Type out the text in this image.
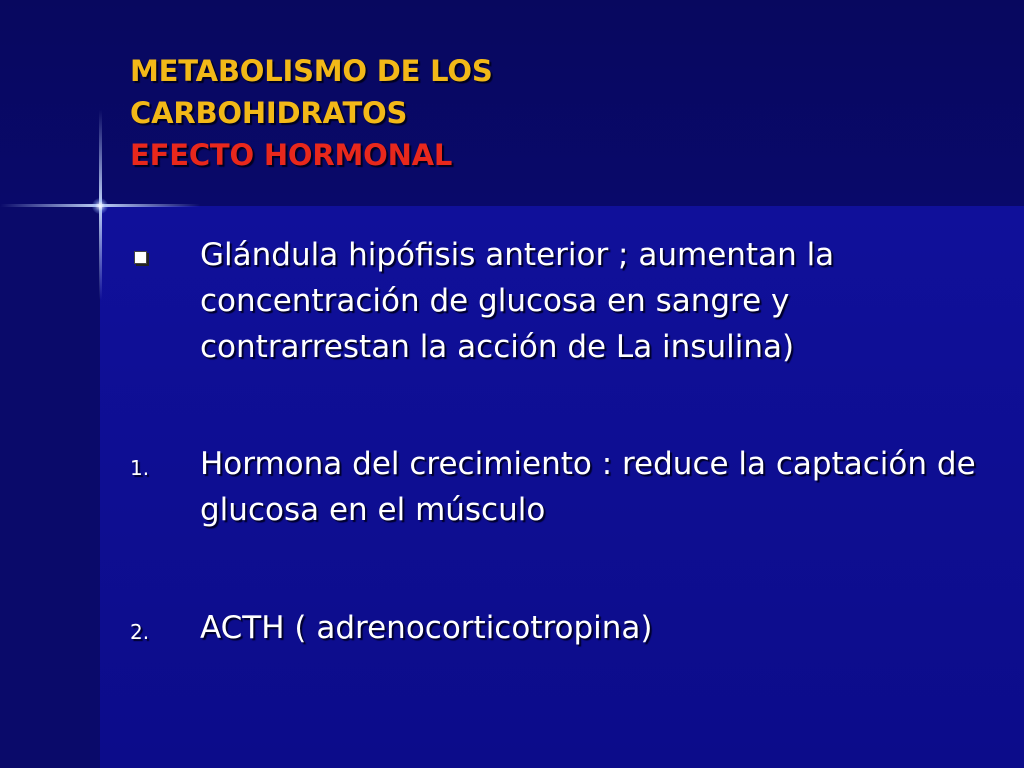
METABOLISMO DE LOS
CARBOHIDRATOS
EFECTO HORMONAL
Glándula hipófisis anterior ; aumentan la concentración de glucosa en sangre y contrarrestan la acción de La insulina)
1.	Hormona del crecimiento : reduce la captación de glucosa en el músculo
2.	ACTH ( adrenocorticotropina)
